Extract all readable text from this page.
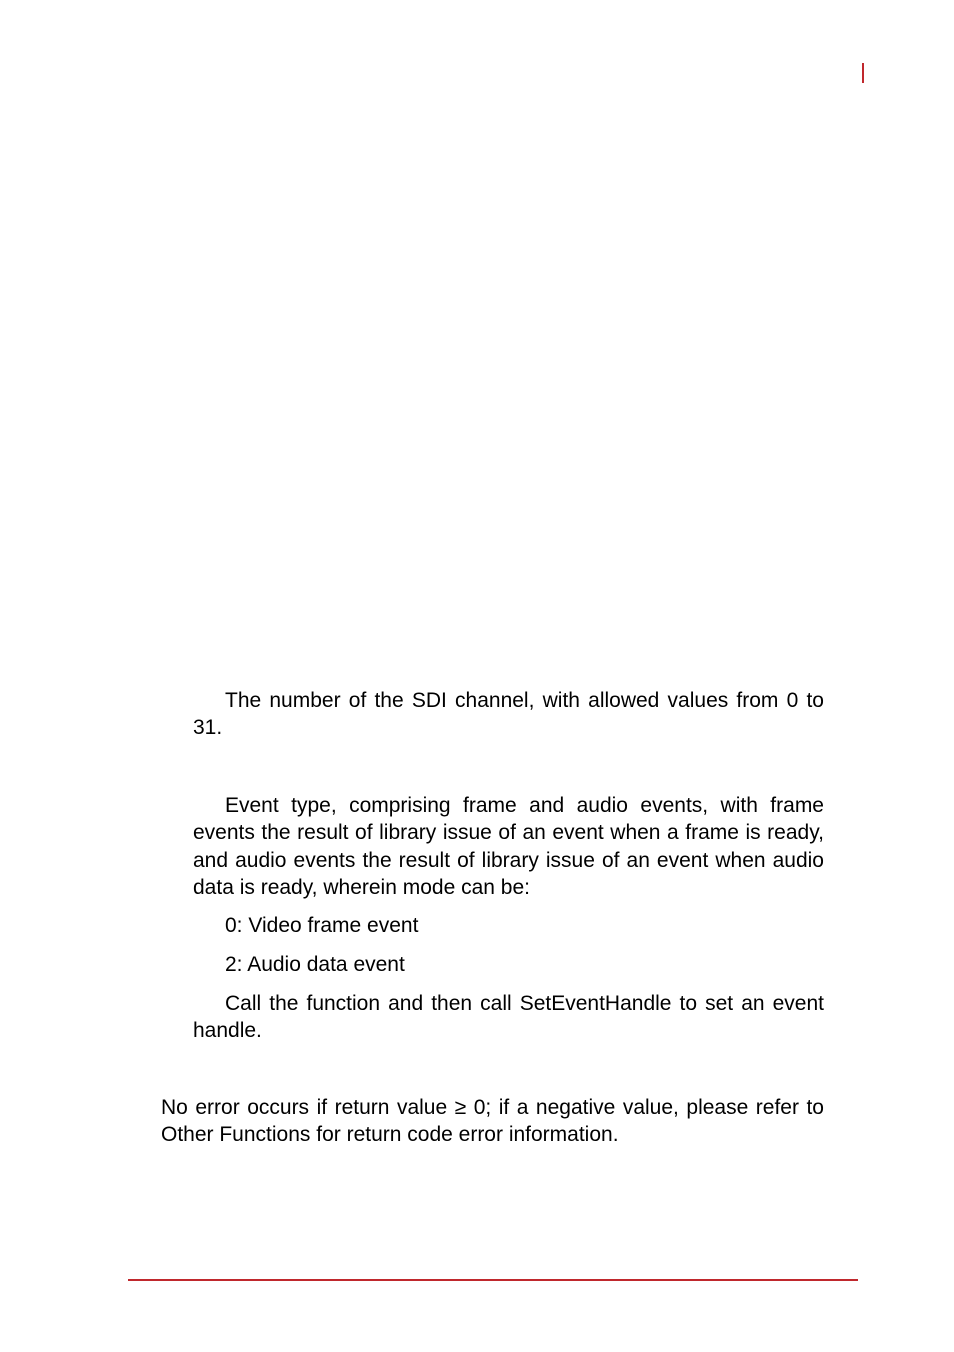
The number of the SDI channel, with allowed values from 0 to 31.

Event type, comprising frame and audio events, with frame events the result of library issue of an event when a frame is ready, and audio events the result of library issue of an event when audio data is ready, wherein mode can be:

0: Video frame event

2: Audio data event

Call the function and then call SetEventHandle to set an event handle.

No error occurs if return value ≥ 0; if a negative value, please refer to Other Functions for return code error information.
